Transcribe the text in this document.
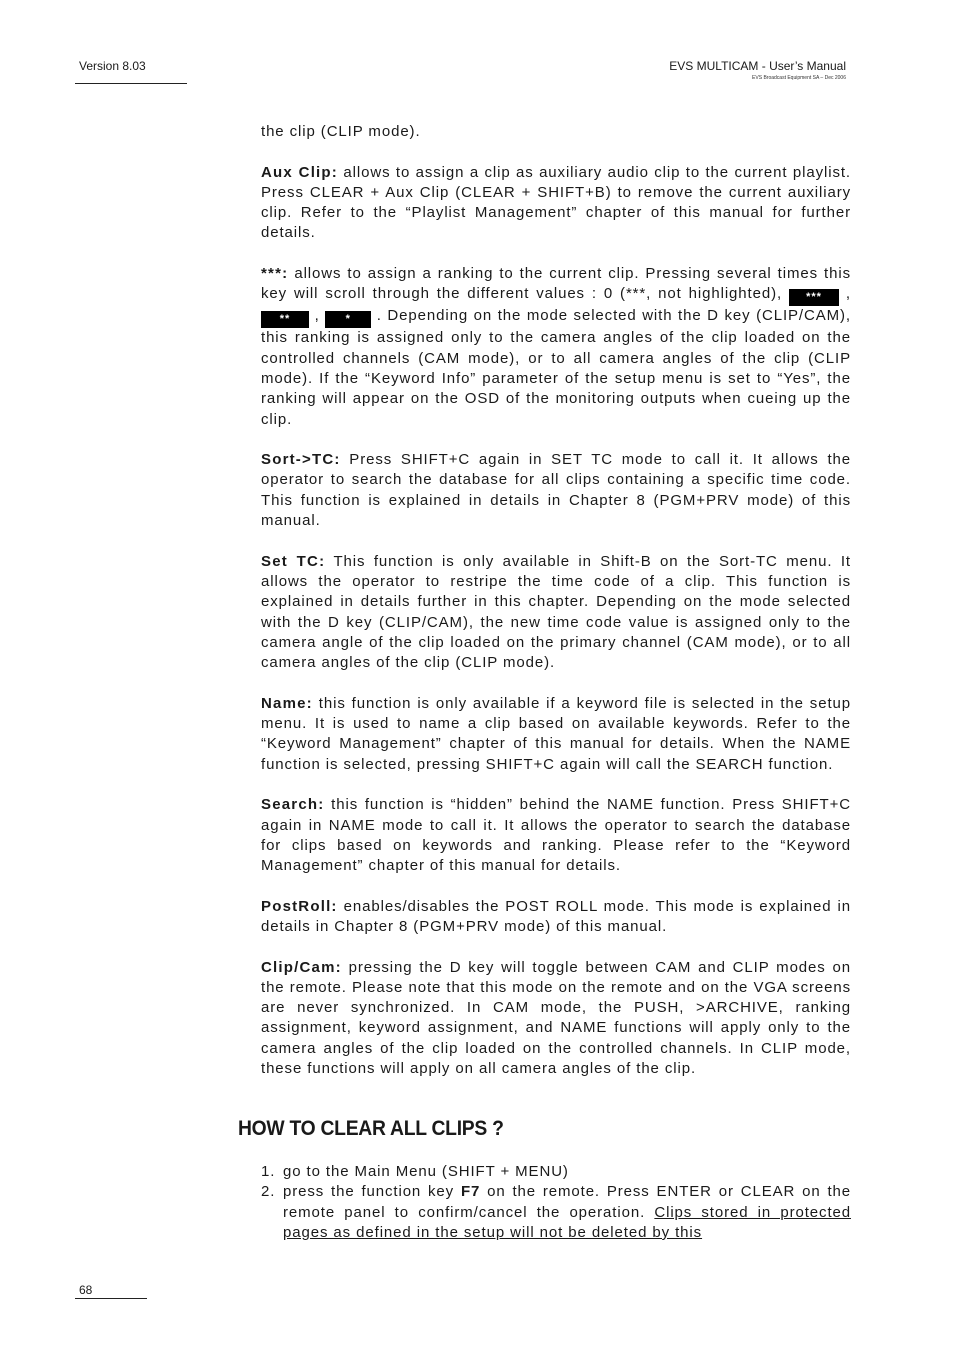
Version 8.03	EVS MULTICAM - User’s Manual
EVS Broadcast Equipment SA – Dec 2006

the clip (CLIP mode).

Aux Clip: allows to assign a clip as auxiliary audio clip to the current playlist. Press CLEAR + Aux Clip (CLEAR + SHIFT+B) to remove the current auxiliary clip. Refer to the “Playlist Management” chapter of this manual for further details.

***: allows to assign a ranking to the current clip. Pressing several times this key will scroll through the different values : 0 (***, not highlighted), *** , ** , * . Depending on the mode selected with the D key (CLIP/CAM), this ranking is assigned only to the camera angles of the clip loaded on the controlled channels (CAM mode), or to all camera angles of the clip (CLIP mode). If the “Keyword Info” parameter of the setup menu is set to “Yes”, the ranking will appear on the OSD of the monitoring outputs when cueing up the clip.

Sort->TC: Press SHIFT+C again in SET TC mode to call it. It allows the operator to search the database for all clips containing a specific time code. This function is explained in details in Chapter 8 (PGM+PRV mode) of this manual.

Set TC: This function is only available in Shift-B on the Sort-TC menu. It allows the operator to restripe the time code of a clip. This function is explained in details further in this chapter. Depending on the mode selected with the D key (CLIP/CAM), the new time code value is assigned only to the camera angle of the clip loaded on the primary channel (CAM mode), or to all camera angles of the clip (CLIP mode).

Name: this function is only available if a keyword file is selected in the setup menu. It is used to name a clip based on available keywords. Refer to the “Keyword Management” chapter of this manual for details. When the NAME function is selected, pressing SHIFT+C again will call the SEARCH function.

Search: this function is “hidden” behind the NAME function. Press SHIFT+C again in NAME mode to call it. It allows the operator to search the database for clips based on keywords and ranking. Please refer to the “Keyword Management” chapter of this manual for details.

PostRoll: enables/disables the POST ROLL mode. This mode is explained in details in Chapter 8 (PGM+PRV mode) of this manual.

Clip/Cam: pressing the D key will toggle between CAM and CLIP modes on the remote. Please note that this mode on the remote and on the VGA screens are never synchronized. In CAM mode, the PUSH, >ARCHIVE, ranking assignment, keyword assignment, and NAME functions will apply only to the camera angles of the clip loaded on the controlled channels. In CLIP mode, these functions will apply on all camera angles of the clip.

HOW TO CLEAR ALL CLIPS ?
1. go to the Main Menu (SHIFT + MENU)
2. press the function key F7 on the remote. Press ENTER or CLEAR on the remote panel to confirm/cancel the operation. Clips stored in protected pages as defined in the setup will not be deleted by this
68
